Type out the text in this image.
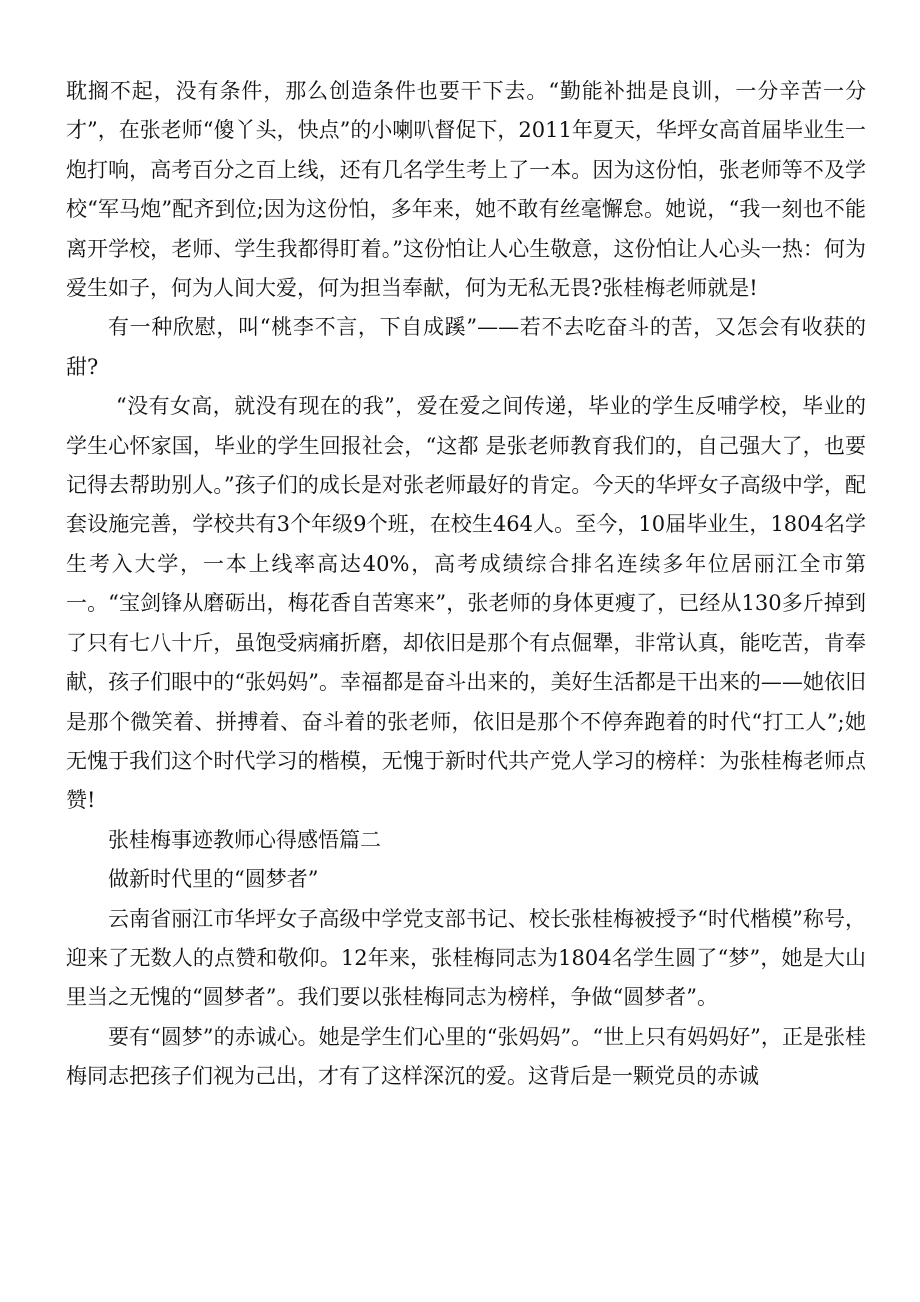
耽搁不起，没有条件，那么创造条件也要干下去。“勤能补拙是良训，一分辛苦一分才”，在张老师“傻丫头，快点”的小喇叭督促下，2011年夏天，华坪女高首届毕业生一炮打响，高考百分之百上线，还有几名学生考上了一本。因为这份怕，张老师等不及学校“军马炮”配齐到位;因为这份怕，多年来，她不敢有丝毫懈怠。她说，“我一刻也不能离开学校，老师、学生我都得盯着。”这份怕让人心生敬意，这份怕让人心头一热：何为爱生如子，何为人间大爱，何为担当奉献，何为无私无畏?张桂梅老师就是!

有一种欣慰，叫“桃李不言，下自成蹊”——若不去吃奋斗的苦，又怎会有收获的甜?

“没有女高，就没有现在的我”，爱在爱之间传递，毕业的学生反哺学校，毕业的学生心怀家国，毕业的学生回报社会，“这都 是张老师教育我们的，自己强大了，也要记得去帮助别人。”孩子们的成长是对张老师最好的肯定。今天的华坪女子高级中学，配套设施完善，学校共有3个年级9个班，在校生464人。至今，10届毕业生，1804名学生考入大学，一本上线率高达40%，高考成绩综合排名连续多年位居丽江全市第一。“宝剑锋从磨砺出，梅花香自苦寒来”，张老师的身体更瘦了，已经从130多斤掉到了只有七八十斤，虽饱受病痛折磨，却依旧是那个有点倔犟，非常认真，能吃苦，肯奉献，孩子们眼中的“张妈妈”。幸福都是奋斗出来的，美好生活都是干出来的——她依旧是那个微笑着、拼搏着、奋斗着的张老师，依旧是那个不停奔跑着的时代“打工人”;她无愧于我们这个时代学习的楷模，无愧于新时代共产党人学习的榜样：为张桂梅老师点赞!

张桂梅事迹教师心得感悟篇二

做新时代里的“圆梦者”

云南省丽江市华坪女子高级中学党支部书记、校长张桂梅被授予“时代楷模”称号，迎来了无数人的点赞和敬仰。12年来，张桂梅同志为1804名学生圆了“梦”，她是大山里当之无愧的“圆梦者”。我们要以张桂梅同志为榜样，争做“圆梦者”。

要有“圆梦”的赤诚心。她是学生们心里的“张妈妈”。“世上只有妈妈好”，正是张桂梅同志把孩子们视为己出，才有了这样深沉的爱。这背后是一颗党员的赤诚
